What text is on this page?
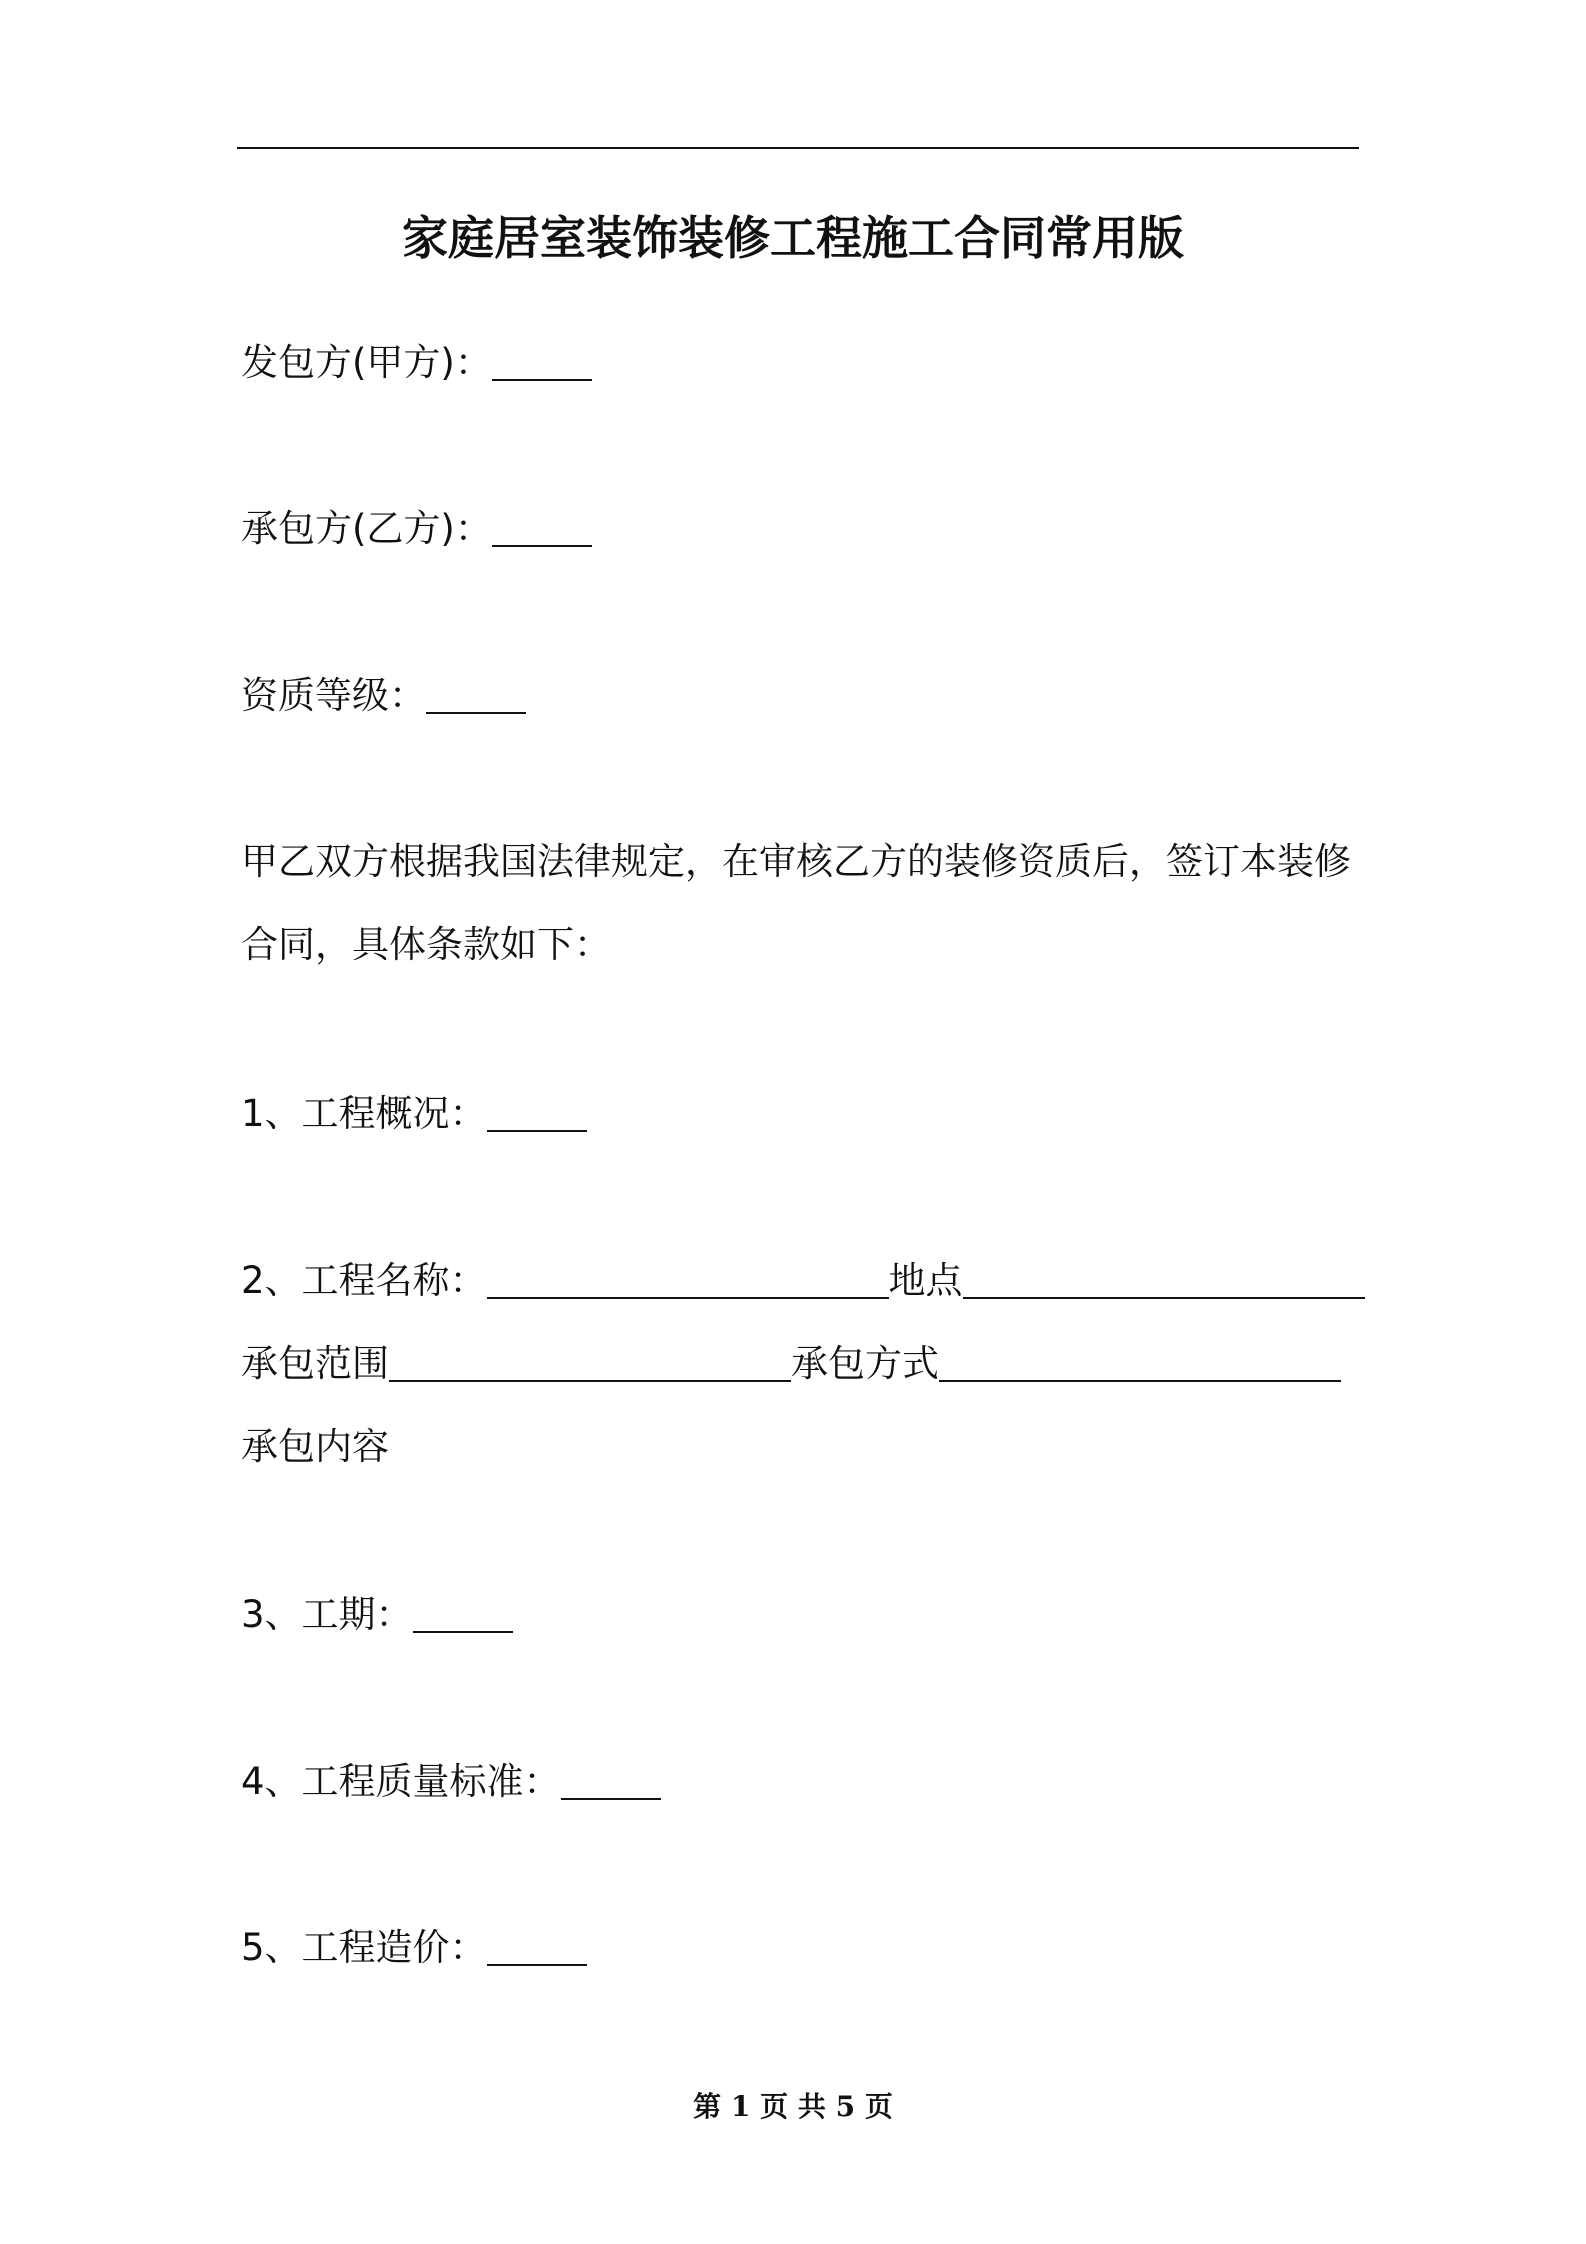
家庭居室装饰装修工程施工合同常用版
发包方(甲方)：
承包方(乙方)：
资质等级：
甲乙双方根据我国法律规定，在审核乙方的装修资质后，签订本装修
合同，具体条款如下：
1、工程概况：
2、工程名称：	地点
承包范围	承包方式
承包内容
3、工期：
4、工程质量标准：
5、工程造价：
第 1 页 共 5 页
